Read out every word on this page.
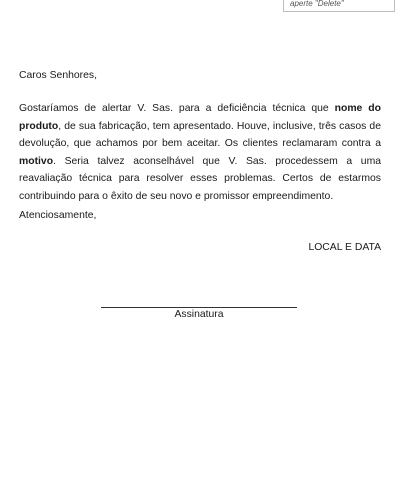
aperte "Delete"
Caros Senhores,
Gostaríamos de alertar V. Sas. para a deficiência técnica que nome do produto, de sua fabricação, tem apresentado. Houve, inclusive, três casos de devolução, que achamos por bem aceitar. Os clientes reclamaram contra a motivo. Seria talvez aconselhável que V. Sas. procedessem a uma reavaliação técnica para resolver esses problemas. Certos de estarmos contribuindo para o êxito de seu novo e promissor empreendimento.
Atenciosamente,
LOCAL E DATA
Assinatura
